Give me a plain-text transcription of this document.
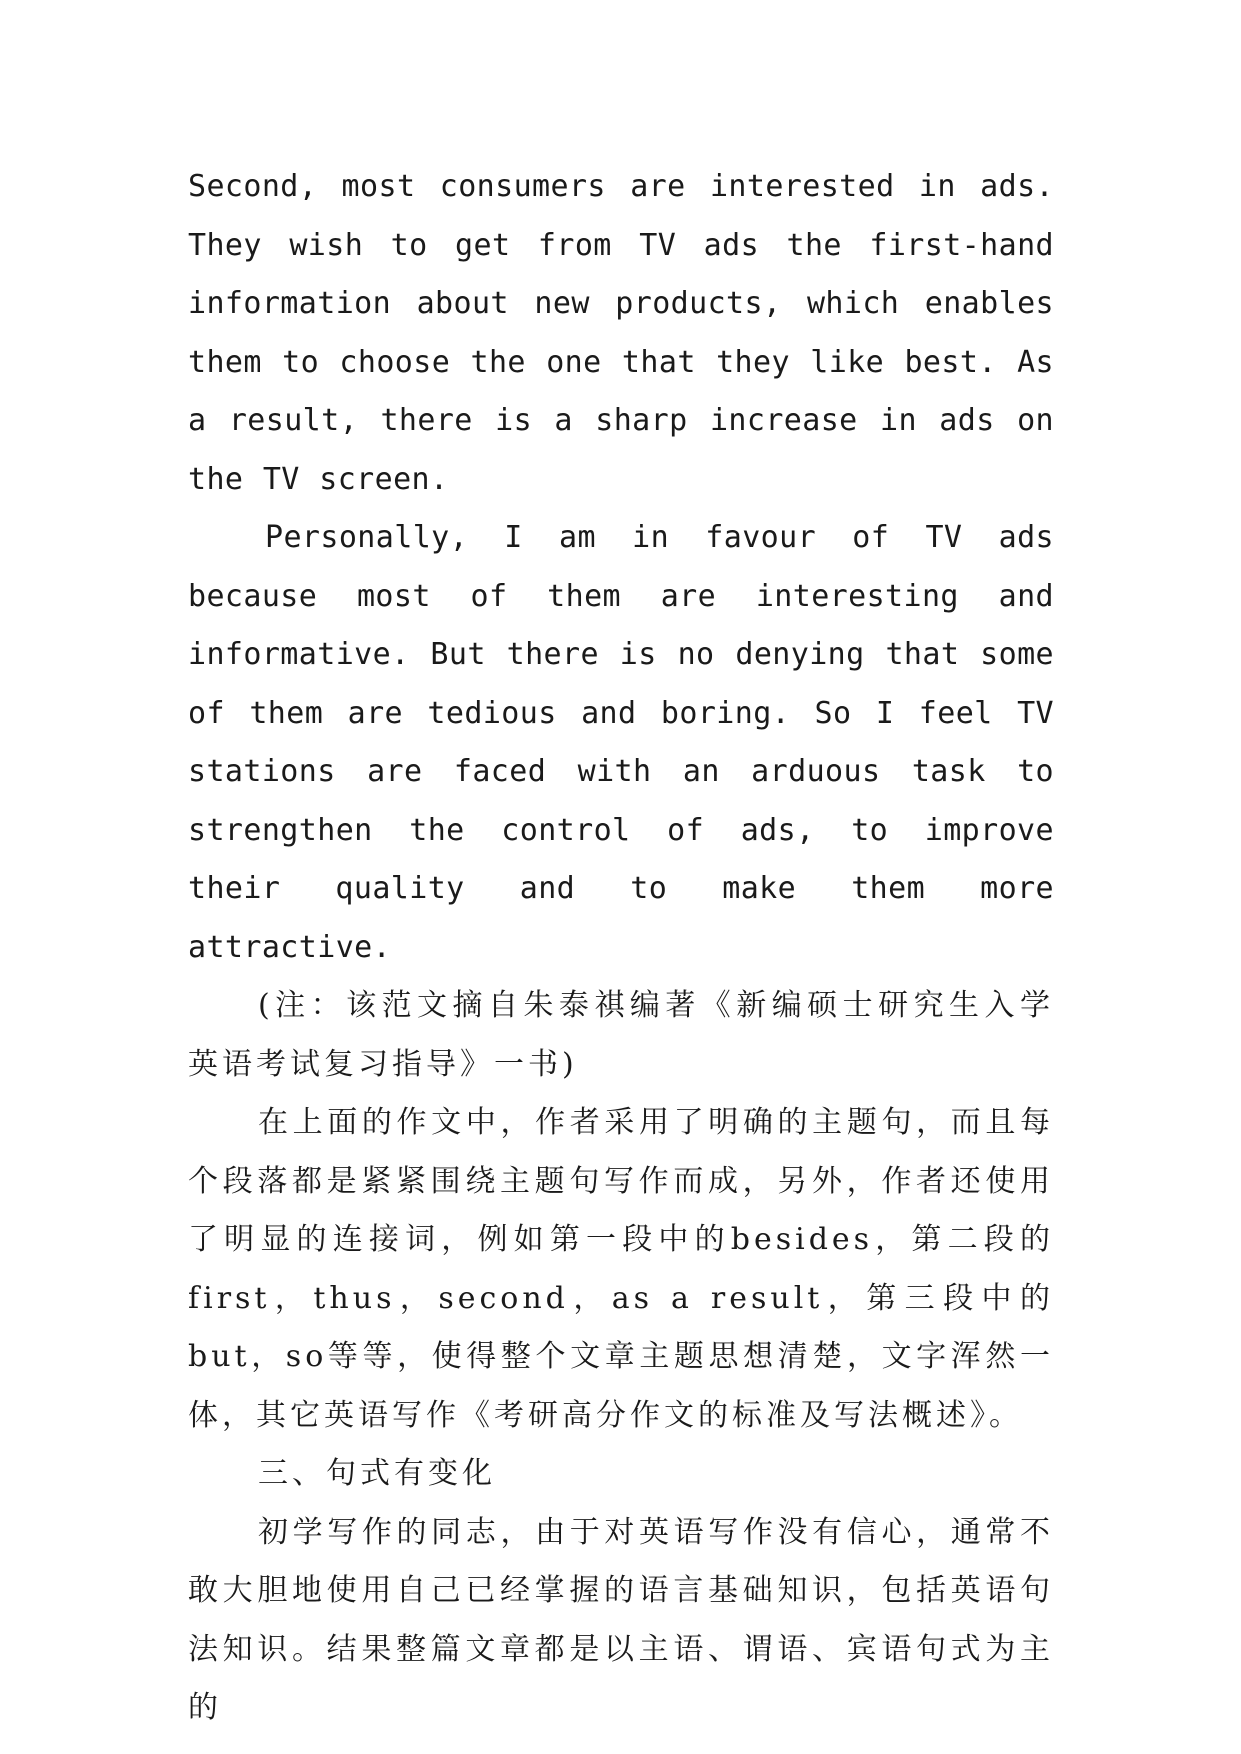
Second, most consumers are interested in ads. They wish to get from TV ads the first-hand information about new products, which enables them to choose the one that they like best. As a result, there is a sharp increase in ads on the TV screen.

Personally, I am in favour of TV ads because most of them are interesting and informative. But there is no denying that some of them are tedious and boring. So I feel TV stations are faced with an arduous task to strengthen the control of ads, to improve their quality and to make them more attractive.

(注：该范文摘自朱泰祺编著《新编硕士研究生入学英语考试复习指导》一书)

在上面的作文中，作者采用了明确的主题句，而且每个段落都是紧紧围绕主题句写作而成，另外，作者还使用了明显的连接词，例如第一段中的besides，第二段的first，thus，second，as a result，第三段中的but，so等等，使得整个文章主题思想清楚，文字浑然一体，其它英语写作《考研高分作文的标准及写法概述》。

三、句式有变化

初学写作的同志，由于对英语写作没有信心，通常不敢大胆地使用自己已经掌握的语言基础知识，包括英语句法知识。结果整篇文章都是以主语、谓语、宾语句式为主的
